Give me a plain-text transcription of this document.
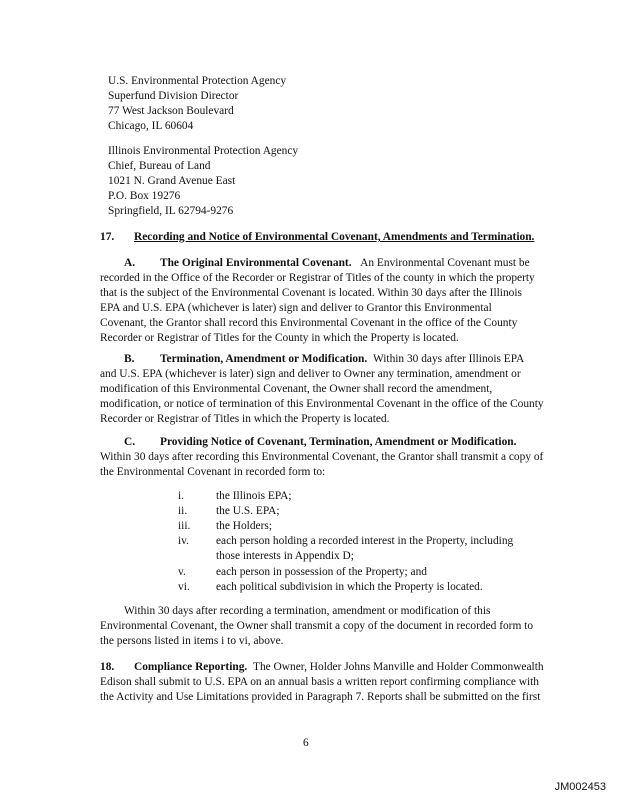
U.S. Environmental Protection Agency
Superfund Division Director
77 West Jackson Boulevard
Chicago, IL 60604
Illinois Environmental Protection Agency
Chief, Bureau of Land
1021 N. Grand Avenue East
P.O. Box 19276
Springfield, IL 62794-9276
17. Recording and Notice of Environmental Covenant, Amendments and Termination.
A. The Original Environmental Covenant. An Environmental Covenant must be
recorded in the Office of the Recorder or Registrar of Titles of the county in which the property
that is the subject of the Environmental Covenant is located. Within 30 days after the Illinois
EPA and U.S. EPA (whichever is later) sign and deliver to Grantor this Environmental
Covenant, the Grantor shall record this Environmental Covenant in the office of the County
Recorder or Registrar of Titles for the County in which the Property is located.
B. Termination, Amendment or Modification. Within 30 days after Illinois EPA
and U.S. EPA (whichever is later) sign and deliver to Owner any termination, amendment or
modification of this Environmental Covenant, the Owner shall record the amendment,
modification, or notice of termination of this Environmental Covenant in the office of the County
Recorder or Registrar of Titles in which the Property is located.
C. Providing Notice of Covenant, Termination, Amendment or Modification.
Within 30 days after recording this Environmental Covenant, the Grantor shall transmit a copy of
the Environmental Covenant in recorded form to:
i.	the Illinois EPA;
ii.	the U.S. EPA;
iii. the Holders;
iv. each person holding a recorded interest in the Property, including
those interests in Appendix D;
v.	each person in possession of the Property; and
vi. each political subdivision in which the Property is located.
Within 30 days after recording a termination, amendment or modification of this
Environmental Covenant, the Owner shall transmit a copy of the document in recorded form to
the persons listed in items i to vi, above.
18. Compliance Reporting. The Owner, Holder Johns Manville and Holder Commonwealth
Edison shall submit to U.S. EPA on an annual basis a written report confirming compliance with
the Activity and Use Limitations provided in Paragraph 7. Reports shall be submitted on the first
6
JM002453
